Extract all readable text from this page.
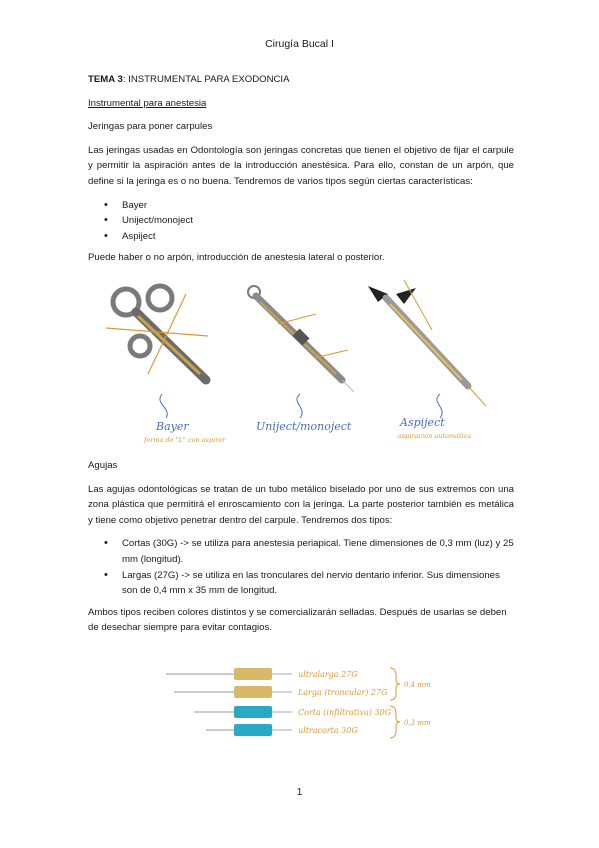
Cirugía Bucal I

TEMA 3: INSTRUMENTAL PARA EXODONCIA

Instrumental para anestesia

Jeringas para poner carpules

Las jeringas usadas en Odontología son jeringas concretas que tienen el objetivo de fijar el carpule y permitir la aspiración antes de la introducción anestésica. Para ello, constan de un arpón, que define si la jeringa es o no buena. Tendremos de varios tipos según ciertas características:

• Bayer
• Uniject/monoject
• Aspiject

Puede haber o no arpón, introducción de anestesia lateral o posterior.

Bayer
forma de "L" con aspirar
Uniject/monoject	Aspiject
aspiración automática

Agujas

Las agujas odontológicas se tratan de un tubo metálico biselado por uno de sus extremos con una zona plástica que permitirá el enroscamiento con la jeringa. La parte posterior también es metálica y tiene como objetivo penetrar dentro del carpule. Tendremos dos tipos:

• Cortas (30G) -> se utiliza para anestesia periapical. Tiene dimensiones de 0,3 mm (luz) y 25 mm (longitud).
• Largas (27G) -> se utiliza en las tronculares del nervio dentario inferior. Sus dimensiones son de 0,4 mm x 35 mm de longitud.

Ambos tipos reciben colores distintos y se comercializarán selladas. Después de usarlas se deben de desechar siempre para evitar contagios.

ultralarga 27G
Larga (troncular) 27G
Corta (infiltrativa) 30G
ultracorta 30G
0,4 mm
0,3 mm
1
